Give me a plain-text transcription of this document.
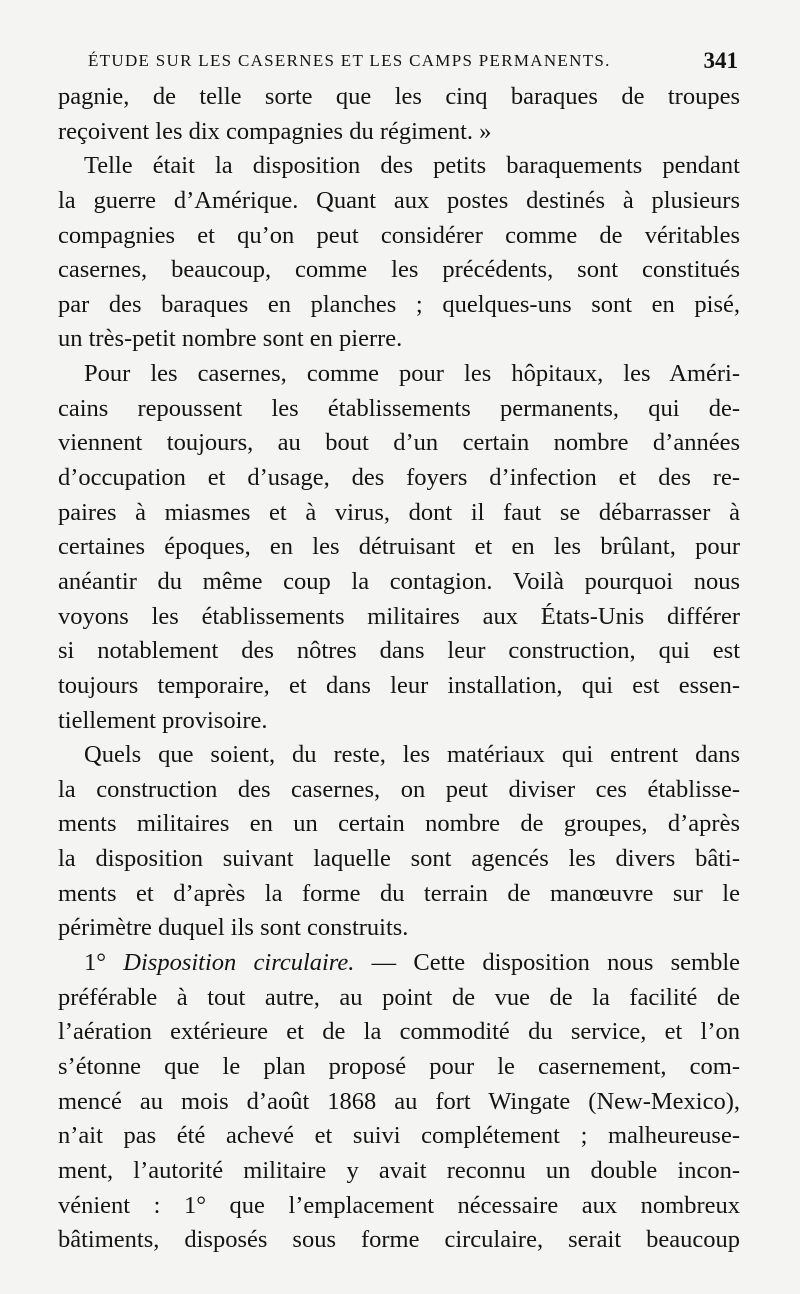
ÉTUDE SUR LES CASERNES ET LES CAMPS PERMANENTS.	341
pagnie, de telle sorte que les cinq baraques de troupes
reçoivent les dix compagnies du régiment. »
Telle était la disposition des petits baraquements pendant
la guerre d’Amérique. Quant aux postes destinés à plusieurs
compagnies et qu’on peut considérer comme de véritables
casernes, beaucoup, comme les précédents, sont constitués
par des baraques en planches ; quelques-uns sont en pisé,
un très-petit nombre sont en pierre.
Pour les casernes, comme pour les hôpitaux, les Améri-
cains repoussent les établissements permanents, qui de-
viennent toujours, au bout d’un certain nombre d’années
d’occupation et d’usage, des foyers d’infection et des re-
paires à miasmes et à virus, dont il faut se débarrasser à
certaines époques, en les détruisant et en les brûlant, pour
anéantir du même coup la contagion. Voilà pourquoi nous
voyons les établissements militaires aux États-Unis différer
si notablement des nôtres dans leur construction, qui est
toujours temporaire, et dans leur installation, qui est essen-
tiellement provisoire.
Quels que soient, du reste, les matériaux qui entrent dans
la construction des casernes, on peut diviser ces établisse-
ments militaires en un certain nombre de groupes, d’après
la disposition suivant laquelle sont agencés les divers bâti-
ments et d’après la forme du terrain de manœuvre sur le
périmètre duquel ils sont construits.
1° Disposition circulaire. — Cette disposition nous semble
préférable à tout autre, au point de vue de la facilité de
l’aération extérieure et de la commodité du service, et l’on
s’étonne que le plan proposé pour le casernement, com-
mencé au mois d’août 1868 au fort Wingate (New-Mexico),
n’ait pas été achevé et suivi complétement ; malheureuse-
ment, l’autorité militaire y avait reconnu un double incon-
vénient : 1° que l’emplacement nécessaire aux nombreux
bâtiments, disposés sous forme circulaire, serait beaucoup
